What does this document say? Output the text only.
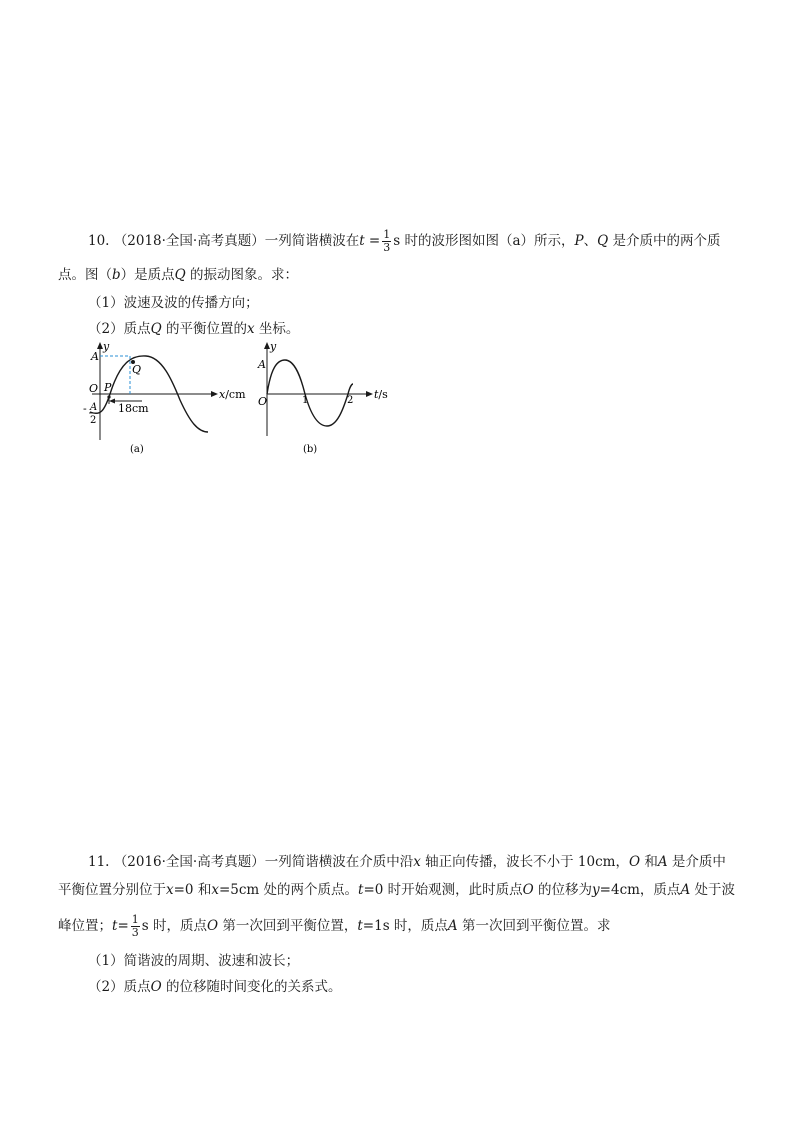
10. （2018·全国·高考真题）一列简谐横波在$t = \frac{1}{3}$ s 时的波形图如图（a）所示，P、Q 是介质中的两个质
点。图（b）是质点Q 的振动图象。求：
（1）波速及波的传播方向；
（2）质点Q 的平衡位置的x 坐标。
y
A
O P
Q
- A
2
18cm
x/cm
(a)
y
A
O	1	2 t/s
(b)
11. （2016·全国·高考真题）一列简谐横波在介质中沿x 轴正向传播，波长不小于 10cm，O 和A 是介质中
平衡位置分别位于x=0 和x=5cm 处的两个质点。t=0 时开始观测，此时质点O 的位移为y=4cm，质点A 处于波
峰位置；$t= \frac{1}{3}$ s 时，质点O 第一次回到平衡位置，t=1s 时，质点A 第一次回到平衡位置。求
（1）简谐波的周期、波速和波长；
（2）质点O 的位移随时间变化的关系式。
